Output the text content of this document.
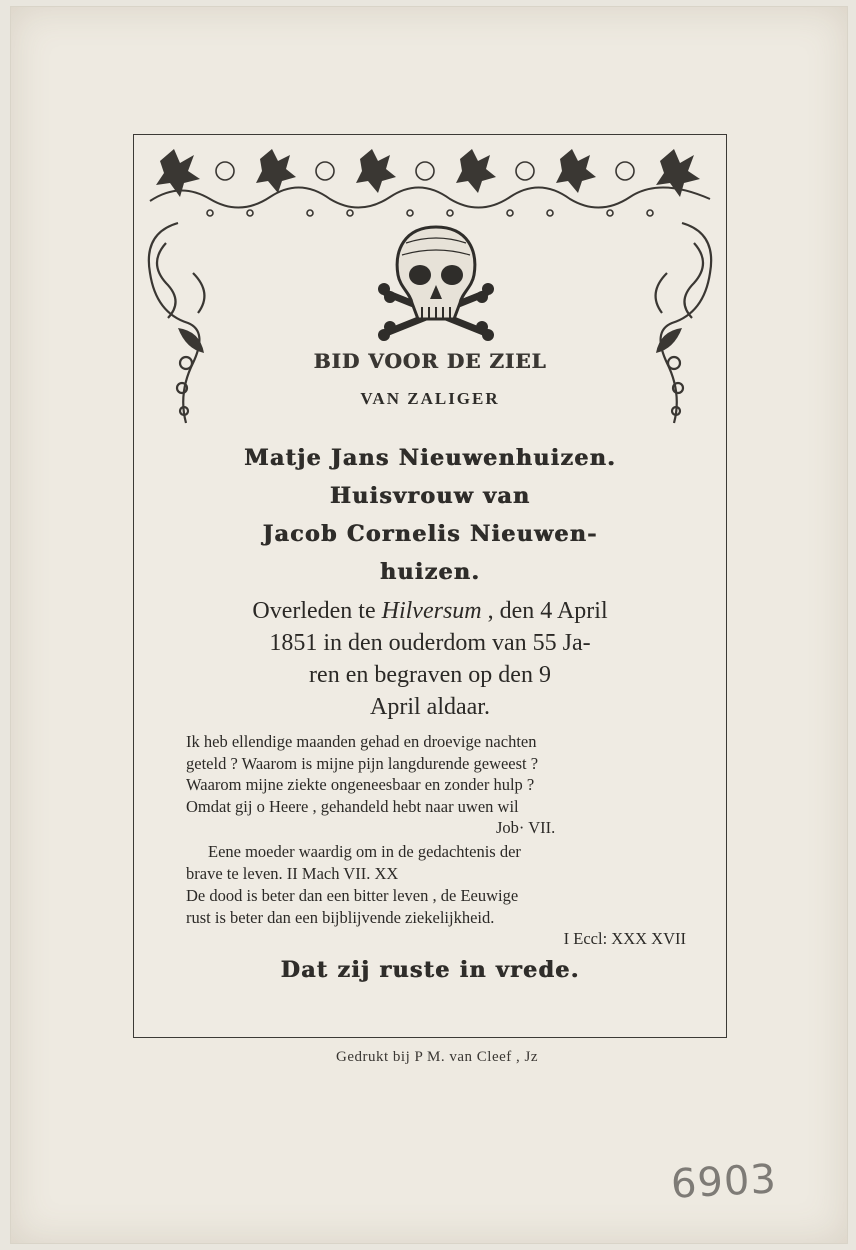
BID VOOR DE ZIEL
VAN ZALIGER
Matje Jans Nieuwenhuizen.
Huisvrouw van
Jacob Cornelis Nieuwen-
huizen.
Overleden te Hilversum , den 4 April
1851 in den ouderdom van 55 Ja-
ren en begraven op den 9
April aldaar.
Ik heb ellendige maanden gehad en droevige nachten
geteld ? Waarom is mijne pijn langdurende geweest ?
Waarom mijne ziekte ongeneesbaar en zonder hulp ?
Omdat gij o Heere , gehandeld hebt naar uwen wil
Job· VII.
Eene moeder waardig om in de gedachtenis der
brave te leven. II Mach VII. XX
De dood is beter dan een bitter leven , de Eeuwige
rust is beter dan een bijblijvende ziekelijkheid.
I Eccl: XXX XVII
Dat zij ruste in vrede.
Gedrukt bij P M. van Cleef , Jz
6903
